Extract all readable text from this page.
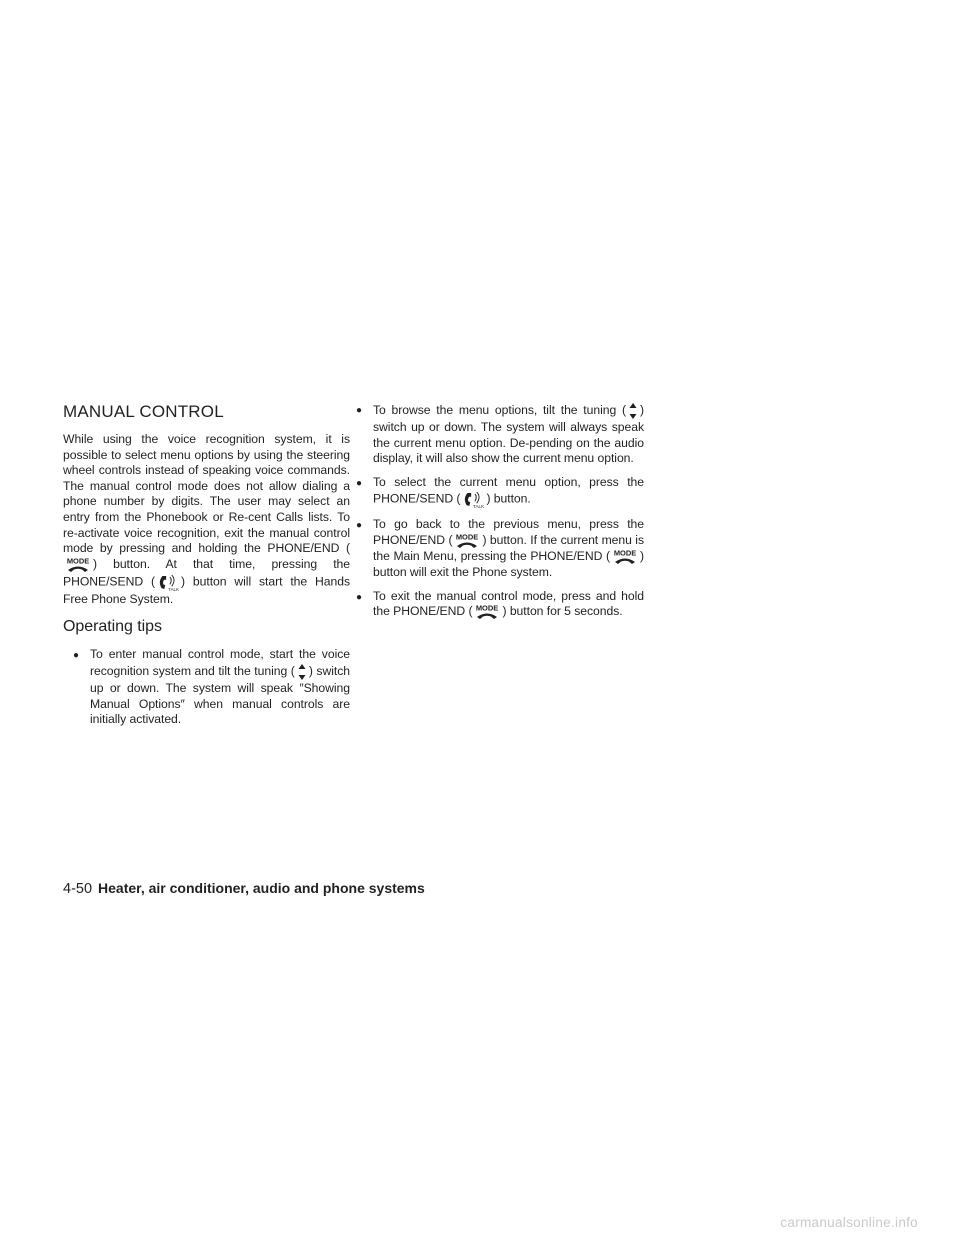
MANUAL CONTROL

While using the voice recognition system, it is possible to select menu options by using the steering wheel controls instead of speaking voice commands. The manual control mode does not allow dialing a phone number by digits. The user may select an entry from the Phonebook or Re-cent Calls lists. To re-activate voice recognition, exit the manual control mode by pressing and holding the PHONE/END () button. At that time, pressing the PHONE/SEND ( ) button will start the Hands Free Phone System.

Operating tips
● To enter manual control mode, start the voice recognition system and tilt the tuning ( ) switch up or down. The system will speak ″Showing Manual Options″ when manual controls are initially activated.
● To browse the menu options, tilt the tuning ( ) switch up or down. The system will always speak the current menu option. De-pending on the audio display, it will also show the current menu option.
● To select the current menu option, press the PHONE/SEND ( ) button.
● To go back to the previous menu, press the PHONE/END ( ) button. If the current menu is the Main Menu, pressing the PHONE/END ( ) button will exit the Phone system.
● To exit the manual control mode, press and hold the PHONE/END ( ) button for 5 seconds.
4-50 Heater, air conditioner, audio and phone systems
carmanualsonline.info
